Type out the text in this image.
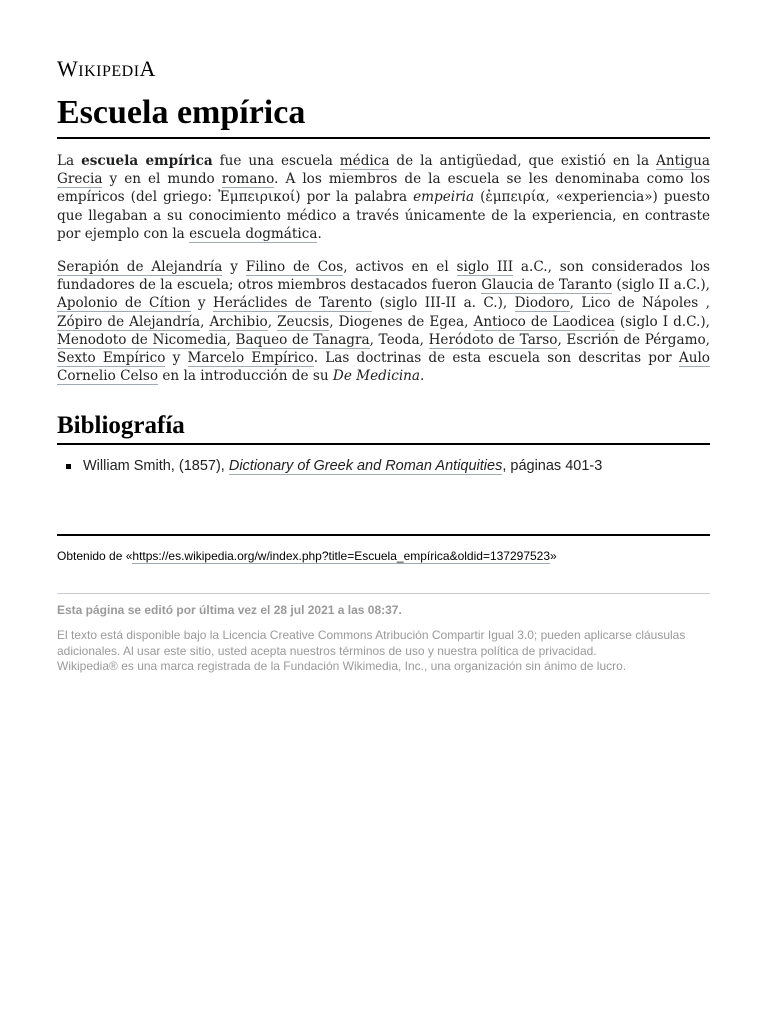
WIKIPEDIA
Escuela empírica

La escuela empírica fue una escuela médica de la antigüedad, que existió en la Antigua Grecia y en el mundo romano. A los miembros de la escuela se les denominaba como los empíricos (del griego: Ἐμπειρικοί) por la palabra empeiria (ἐμπειρία, «experiencia») puesto que llegaban a su conocimiento médico a través únicamente de la experiencia, en contraste por ejemplo con la escuela dogmática.

Serapión de Alejandría y Filino de Cos, activos en el siglo III a.C., son considerados los fundadores de la escuela; otros miembros destacados fueron Glaucia de Taranto (siglo II a.C.), Apolonio de Cítion y Heráclides de Tarento (siglo III-II a. C.), Diodoro, Lico de Nápoles , Zópiro de Alejandría, Archibio, Zeucsis, Diogenes de Egea, Antioco de Laodicea (siglo I d.C.), Menodoto de Nicomedia, Baqueo de Tanagra, Teoda, Heródoto de Tarso, Escrión de Pérgamo, Sexto Empírico y Marcelo Empírico. Las doctrinas de esta escuela son descritas por Aulo Cornelio Celso en la introducción de su De Medicina.

Bibliografía
William Smith, (1857), Dictionary of Greek and Roman Antiquities, páginas 401-3
Obtenido de «https://es.wikipedia.org/w/index.php?title=Escuela_empírica&oldid=137297523»
Esta página se editó por última vez el 28 jul 2021 a las 08:37.
El texto está disponible bajo la Licencia Creative Commons Atribución Compartir Igual 3.0; pueden aplicarse cláusulas adicionales. Al usar este sitio, usted acepta nuestros términos de uso y nuestra política de privacidad.
Wikipedia® es una marca registrada de la Fundación Wikimedia, Inc., una organización sin ánimo de lucro.
